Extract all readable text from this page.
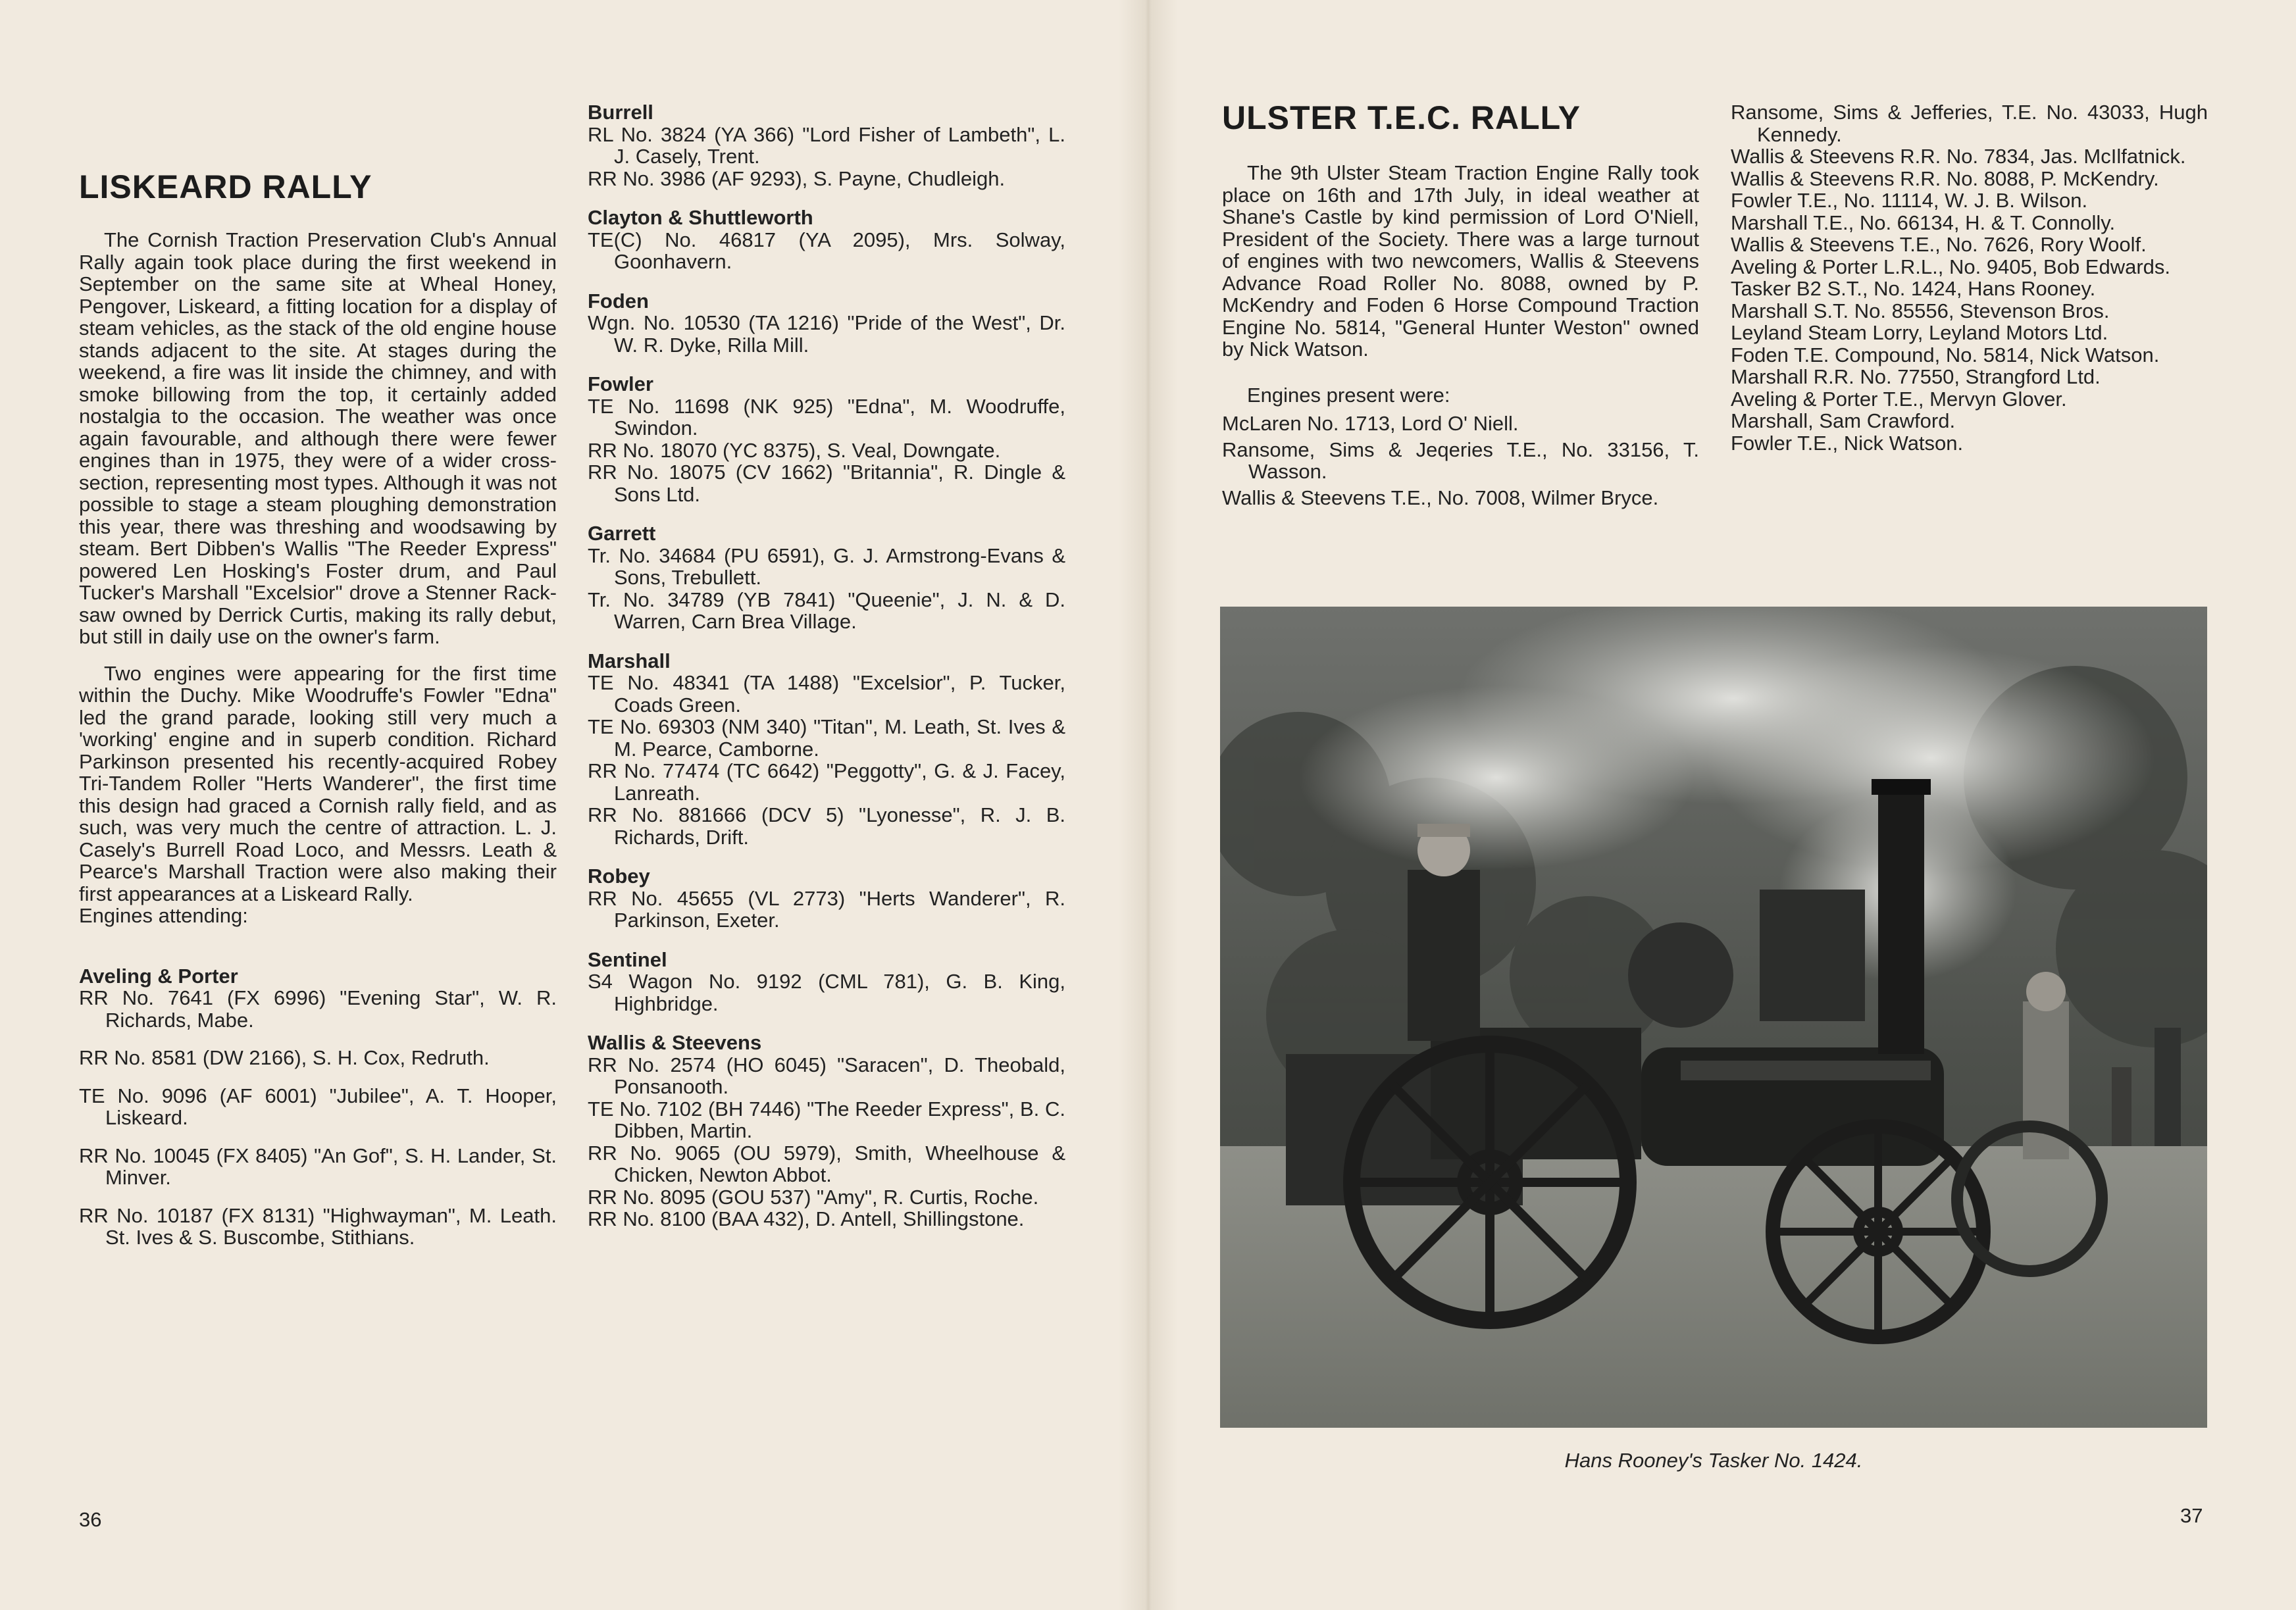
LISKEARD RALLY

The Cornish Traction Preservation Club's Annual Rally again took place during the first weekend in September on the same site at Wheal Honey, Pengover, Liskeard, a fitting location for a display of steam vehicles, as the stack of the old engine house stands adjacent to the site. At stages during the weekend, a fire was lit inside the chimney, and with smoke billowing from the top, it certainly added nostalgia to the occasion. The weather was once again favourable, and although there were fewer engines than in 1975, they were of a wider cross-section, representing most types. Although it was not possible to stage a steam ploughing demonstration this year, there was threshing and woodsawing by steam. Bert Dibben's Wallis "The Reeder Express" powered Len Hosking's Foster drum, and Paul Tucker's Marshall "Excelsior" drove a Stenner Rack-saw owned by Derrick Curtis, making its rally debut, but still in daily use on the owner's farm.

Two engines were appearing for the first time within the Duchy. Mike Woodruffe's Fowler "Edna" led the grand parade, looking still very much a 'working' engine and in superb condition. Richard Parkinson presented his recently-acquired Robey Tri-Tandem Roller "Herts Wanderer", the first time this design had graced a Cornish rally field, and as such, was very much the centre of attraction. L. J. Casely's Burrell Road Loco, and Messrs. Leath & Pearce's Marshall Traction were also making their first appearances at a Liskeard Rally.

Engines attending:

Aveling & Porter

RR No. 7641 (FX 6996) "Evening Star", W. R. Richards, Mabe.

RR No. 8581 (DW 2166), S. H. Cox, Redruth.

TE No. 9096 (AF 6001) "Jubilee", A. T. Hooper, Liskeard.

RR No. 10045 (FX 8405) "An Gof", S. H. Lander, St. Minver.

RR No. 10187 (FX 8131) "Highwayman", M. Leath. St. Ives & S. Buscombe, Stithians.

Burrell

RL No. 3824 (YA 366) "Lord Fisher of Lambeth", L. J. Casely, Trent.

RR No. 3986 (AF 9293), S. Payne, Chudleigh.

Clayton & Shuttleworth

TE(C) No. 46817 (YA 2095), Mrs. Solway, Goonhavern.

Foden

Wgn. No. 10530 (TA 1216) "Pride of the West", Dr. W. R. Dyke, Rilla Mill.

Fowler

TE No. 11698 (NK 925) "Edna", M. Woodruffe, Swindon.

RR No. 18070 (YC 8375), S. Veal, Downgate.

RR No. 18075 (CV 1662) "Britannia", R. Dingle & Sons Ltd.

Garrett

Tr. No. 34684 (PU 6591), G. J. Armstrong-Evans & Sons, Trebullett.

Tr. No. 34789 (YB 7841) "Queenie", J. N. & D. Warren, Carn Brea Village.

Marshall

TE No. 48341 (TA 1488) "Excelsior", P. Tucker, Coads Green.

TE No. 69303 (NM 340) "Titan", M. Leath, St. Ives & M. Pearce, Camborne.

RR No. 77474 (TC 6642) "Peggotty", G. & J. Facey, Lanreath.

RR No. 881666 (DCV 5) "Lyonesse", R. J. B. Richards, Drift.

Robey

RR No. 45655 (VL 2773) "Herts Wanderer", R. Parkinson, Exeter.

Sentinel

S4 Wagon No. 9192 (CML 781), G. B. King, Highbridge.

Wallis & Steevens

RR No. 2574 (HO 6045) "Saracen", D. Theobald, Ponsanooth.

TE No. 7102 (BH 7446) "The Reeder Express", B. C. Dibben, Martin.

RR No. 9065 (OU 5979), Smith, Wheelhouse & Chicken, Newton Abbot.

RR No. 8095 (GOU 537) "Amy", R. Curtis, Roche.

RR No. 8100 (BAA 432), D. Antell, Shillingstone.

36
ULSTER T.E.C. RALLY

The 9th Ulster Steam Traction Engine Rally took place on 16th and 17th July, in ideal weather at Shane's Castle by kind permission of Lord O'Niell, President of the Society. There was a large turnout of engines with two newcomers, Wallis & Steevens Advance Road Roller No. 8088, owned by P. McKendry and Foden 6 Horse Compound Traction Engine No. 5814, "General Hunter Weston" owned by Nick Watson.

Engines present were:

McLaren No. 1713, Lord O' Niell.

Ransome, Sims & Jeqeries T.E., No. 33156, T. Wasson.

Wallis & Steevens T.E., No. 7008, Wilmer Bryce.

Ransome, Sims & Jefferies, T.E. No. 43033, Hugh Kennedy.

Wallis & Steevens R.R. No. 7834, Jas. McIlfatnick.

Wallis & Steevens R.R. No. 8088, P. McKendry.

Fowler T.E., No. 11114, W. J. B. Wilson.

Marshall T.E., No. 66134, H. & T. Connolly.

Wallis & Steevens T.E., No. 7626, Rory Woolf.

Aveling & Porter L.R.L., No. 9405, Bob Edwards.

Tasker B2 S.T., No. 1424, Hans Rooney.

Marshall S.T. No. 85556, Stevenson Bros.

Leyland Steam Lorry, Leyland Motors Ltd.

Foden T.E. Compound, No. 5814, Nick Watson.

Marshall R.R. No. 77550, Strangford Ltd.

Aveling & Porter T.E., Mervyn Glover.

Marshall, Sam Crawford.

Fowler T.E., Nick Watson.

Hans Rooney's Tasker No. 1424.
37
